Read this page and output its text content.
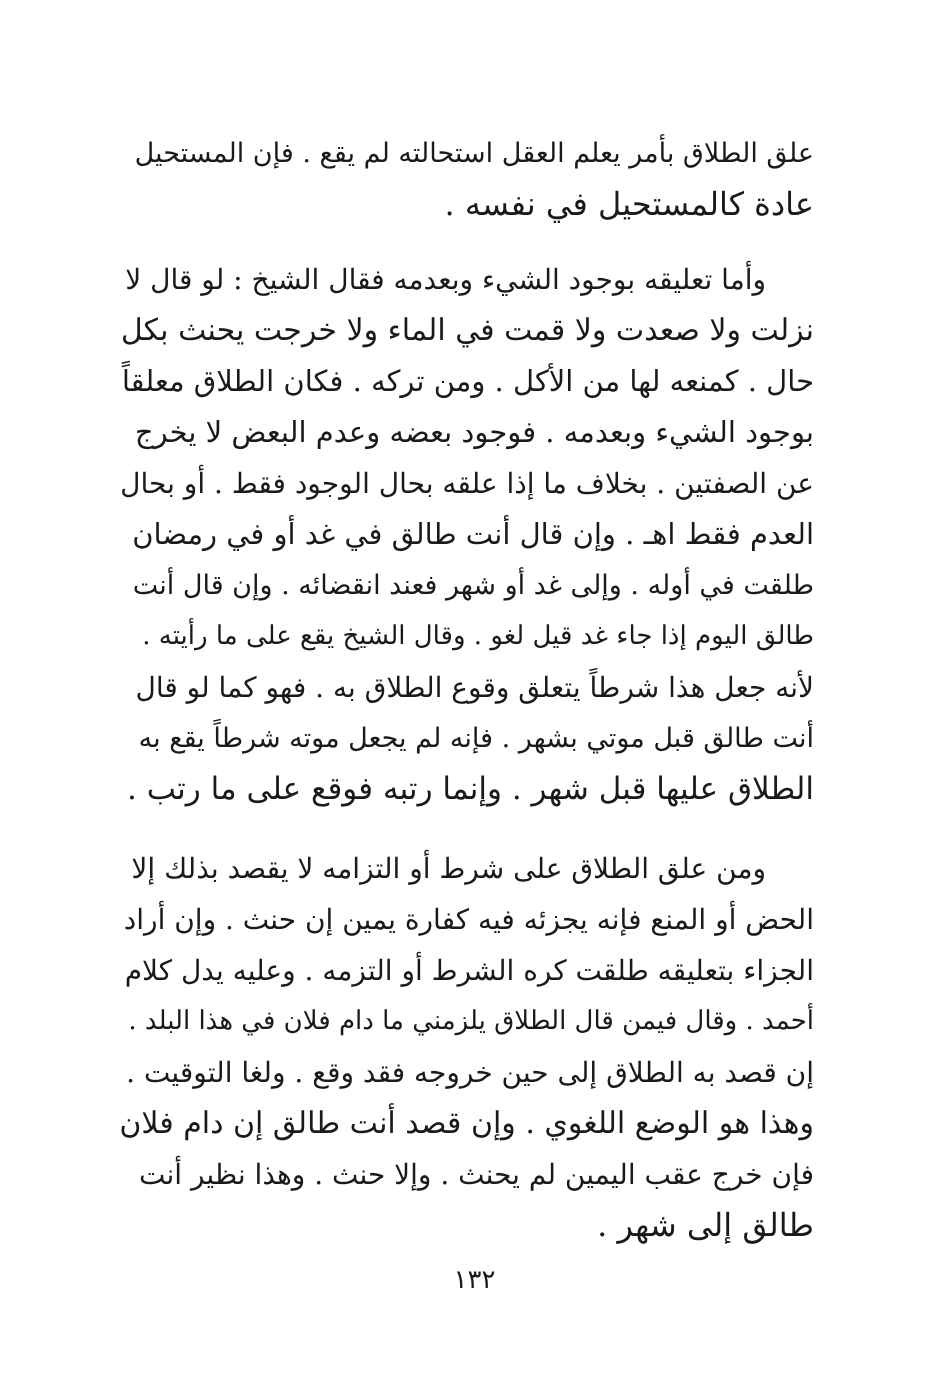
علق الطلاق بأمر يعلم العقل استحالته لم يقع . فإن المستحيل
عادة كالمستحيل في نفسه .
وأما تعليقه بوجود الشيء وبعدمه فقال الشيخ : لو قال لا
نزلت ولا صعدت ولا قمت في الماء ولا خرجت يحنث بكل
حال . كمنعه لها من الأكل . ومن تركه . فكان الطلاق معلقاً
بوجود الشيء وبعدمه . فوجود بعضه وعدم البعض لا يخرج
عن الصفتين . بخلاف ما إذا علقه بحال الوجود فقط . أو بحال
العدم فقط اهـ . وإن قال أنت طالق في غد أو في رمضان
طلقت في أوله . وإلى غد أو شهر فعند انقضائه . وإن قال أنت
طالق اليوم إذا جاء غد قيل لغو . وقال الشيخ يقع على ما رأيته .
لأنه جعل هذا شرطاً يتعلق وقوع الطلاق به . فهو كما لو قال
أنت طالق قبل موتي بشهر . فإنه لم يجعل موته شرطاً يقع به
الطلاق عليها قبل شهر . وإنما رتبه فوقع على ما رتب .
ومن علق الطلاق على شرط أو التزامه لا يقصد بذلك إلا
الحض أو المنع فإنه يجزئه فيه كفارة يمين إن حنث . وإن أراد
الجزاء بتعليقه طلقت كره الشرط أو التزمه . وعليه يدل كلام
أحمد . وقال فيمن قال الطلاق يلزمني ما دام فلان في هذا البلد .
إن قصد به الطلاق إلى حين خروجه فقد وقع . ولغا التوقيت .
وهذا هو الوضع اللغوي . وإن قصد أنت طالق إن دام فلان
فإن خرج عقب اليمين لم يحنث . وإلا حنث . وهذا نظير أنت
طالق إلى شهر .
١٣٢
